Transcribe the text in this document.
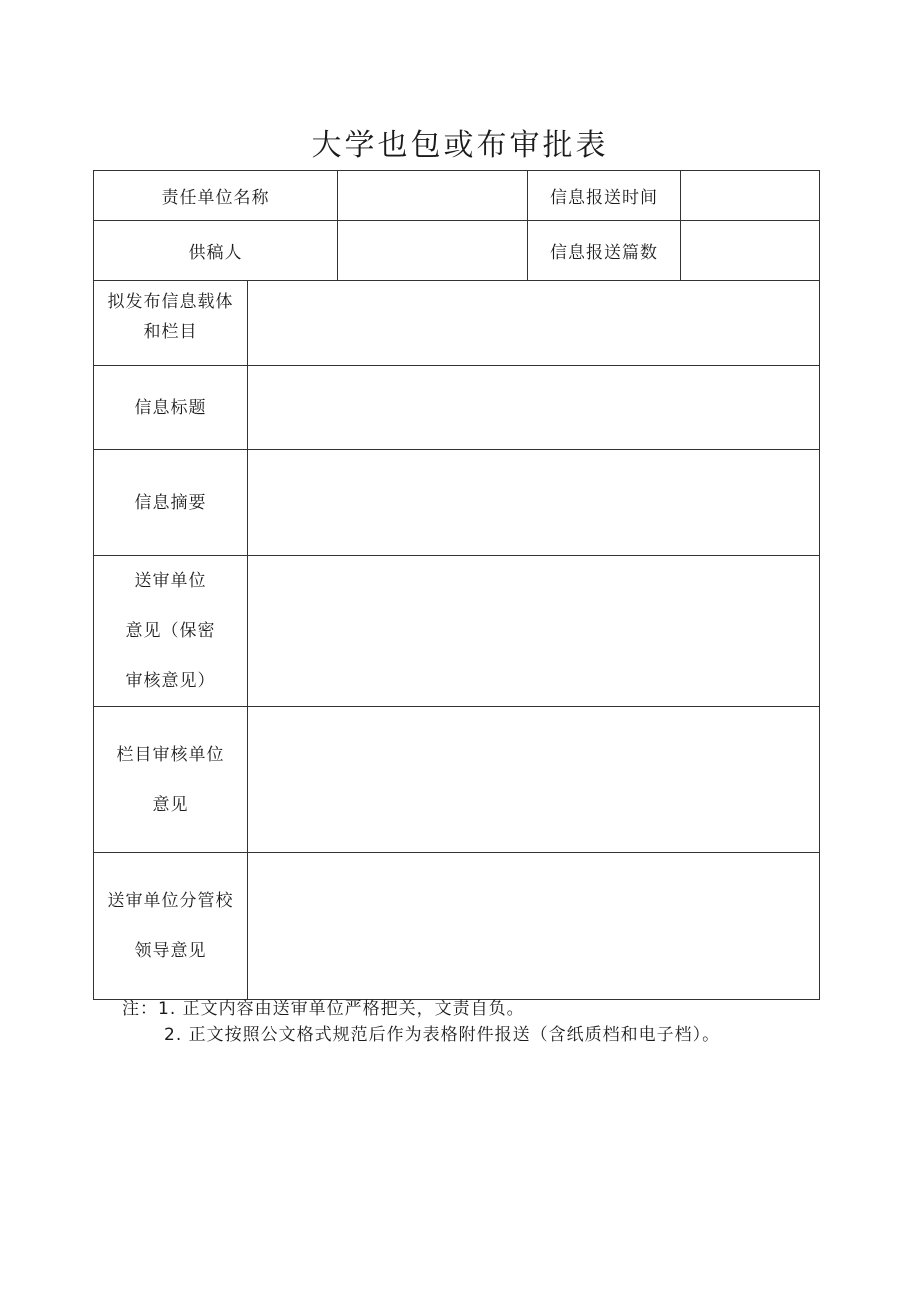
大学也包或布审批表
责任单位名称			信息报送时间	
供稿人			信息报送篇数	

拟发布信息载体
和栏目				

信息标题				

信息摘要				

送审单位
意见（保密
审核意见）				

栏目审核单位
意见				

送审单位分管校
领导意见				

注：1. 正文内容由送审单位严格把关，文责自负。
2. 正文按照公文格式规范后作为表格附件报送（含纸质档和电子档）。
